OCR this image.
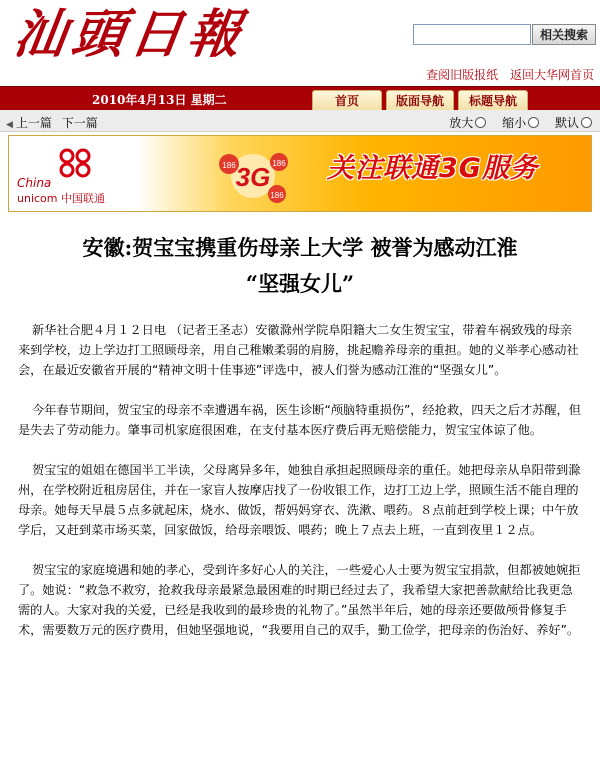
汕頭日報	相关搜索
查阅旧版报纸 返回大华网首页
2010年4月13日 星期二	首页	版面导航	标题导航
◀ 上一篇 下一篇	放大 缩小 默认
China
unicom 中国联通
3G
186	186
186
关注联通3G服务
安徽:贺宝宝携重伤母亲上大学 被誉为感动江淮
“坚强女儿”

新华社合肥４月１２日电 （记者王圣志）安徽滁州学院阜阳籍大二女生贺宝宝，带着车祸致残的母亲来到学校，边上学边打工照顾母亲，用自己稚嫩柔弱的肩膀，挑起赡养母亲的重担。她的义举孝心感动社会，在最近安徽省开展的“精神文明十佳事迹”评选中，被人们誉为感动江淮的“坚强女儿”。

今年春节期间，贺宝宝的母亲不幸遭遇车祸，医生诊断“颅脑特重损伤”，经抢救，四天之后才苏醒，但是失去了劳动能力。肇事司机家庭很困难，在支付基本医疗费后再无赔偿能力，贺宝宝体谅了他。

贺宝宝的姐姐在德国半工半读，父母离异多年，她独自承担起照顾母亲的重任。她把母亲从阜阳带到滁州，在学校附近租房居住，并在一家盲人按摩店找了一份收银工作，边打工边上学，照顾生活不能自理的母亲。她每天早晨５点多就起床，烧水、做饭，帮妈妈穿衣、洗漱、喂药。８点前赶到学校上课；中午放学后，又赶到菜市场买菜，回家做饭，给母亲喂饭、喂药；晚上７点去上班，一直到夜里１２点。

贺宝宝的家庭境遇和她的孝心，受到许多好心人的关注，一些爱心人士要为贺宝宝捐款，但都被她婉拒了。她说：“救急不救穷，抢救我母亲最紧急最困难的时期已经过去了，我希望大家把善款献给比我更急需的人。大家对我的关爱，已经是我收到的最珍贵的礼物了。”虽然半年后，她的母亲还要做颅骨修复手术，需要数万元的医疗费用，但她坚强地说，“我要用自己的双手，勤工俭学，把母亲的伤治好、养好”。
